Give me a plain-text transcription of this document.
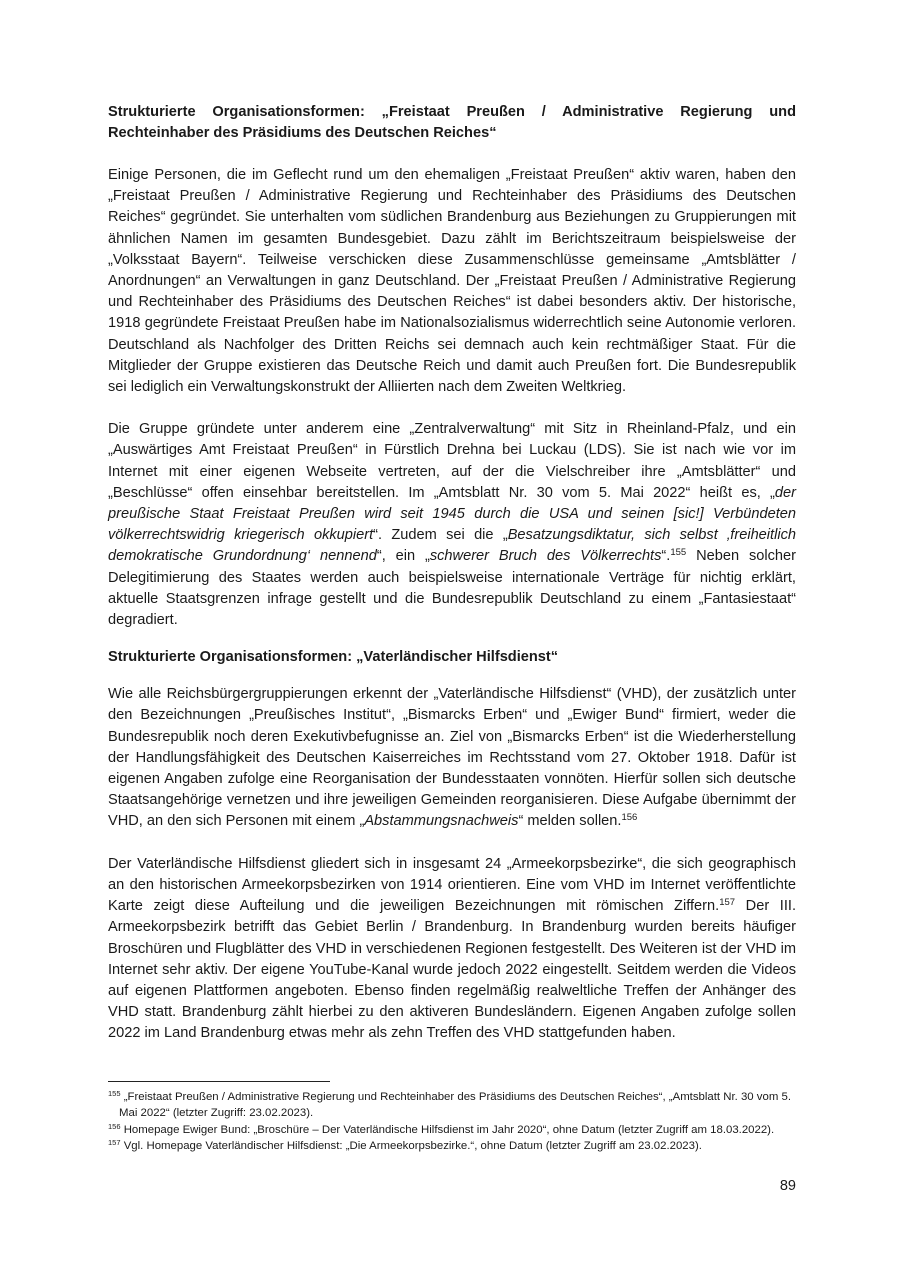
Strukturierte Organisationsformen: „Freistaat Preußen / Administrative Regierung und Rechteinhaber des Präsidiums des Deutschen Reiches“

Einige Personen, die im Geflecht rund um den ehemaligen „Freistaat Preußen“ aktiv waren, haben den „Freistaat Preußen / Administrative Regierung und Rechteinhaber des Präsidiums des Deutschen Reiches“ gegründet. Sie unterhalten vom südlichen Brandenburg aus Beziehungen zu Gruppierungen mit ähnlichen Namen im gesamten Bundesgebiet. Dazu zählt im Berichtszeitraum beispielsweise der „Volksstaat Bayern“. Teilweise verschicken diese Zusammenschlüsse gemeinsame „Amtsblätter / Anordnungen“ an Verwaltungen in ganz Deutschland. Der „Freistaat Preußen / Administrative Regierung und Rechteinhaber des Präsidiums des Deutschen Reiches“ ist dabei besonders aktiv. Der historische, 1918 gegründete Freistaat Preußen habe im Nationalsozialismus widerrechtlich seine Autonomie verloren. Deutschland als Nachfolger des Dritten Reichs sei demnach auch kein rechtmäßiger Staat. Für die Mitglieder der Gruppe existieren das Deutsche Reich und damit auch Preußen fort. Die Bundesrepublik sei lediglich ein Verwaltungskonstrukt der Alliierten nach dem Zweiten Weltkrieg.

Die Gruppe gründete unter anderem eine „Zentralverwaltung“ mit Sitz in Rheinland-Pfalz, und ein „Auswärtiges Amt Freistaat Preußen“ in Fürstlich Drehna bei Luckau (LDS). Sie ist nach wie vor im Internet mit einer eigenen Webseite vertreten, auf der die Vielschreiber ihre „Amtsblätter“ und „Beschlüsse“ offen einsehbar bereitstellen. Im „Amtsblatt Nr. 30 vom 5. Mai 2022“ heißt es, „der preußische Staat Freistaat Preußen wird seit 1945 durch die USA und seinen [sic!] Verbündeten völkerrechtswidrig kriegerisch okkupiert“. Zudem sei die „Besatzungsdiktatur, sich selbst ‚freiheitlich demokratische Grundordnung‘ nennend“, ein „schwerer Bruch des Völkerrechts“.$^{155}$ Neben solcher Delegitimierung des Staates werden auch beispielsweise internationale Verträge für nichtig erklärt, aktuelle Staatsgrenzen infrage gestellt und die Bundesrepublik Deutschland zu einem „Fantasiestaat“ degradiert.

Strukturierte Organisationsformen: „Vaterländischer Hilfsdienst“

Wie alle Reichsbürgergruppierungen erkennt der „Vaterländische Hilfsdienst“ (VHD), der zusätzlich unter den Bezeichnungen „Preußisches Institut“, „Bismarcks Erben“ und „Ewiger Bund“ firmiert, weder die Bundesrepublik noch deren Exekutivbefugnisse an. Ziel von „Bismarcks Erben“ ist die Wiederherstellung der Handlungsfähigkeit des Deutschen Kaiserreiches im Rechtsstand vom 27. Oktober 1918. Dafür ist eigenen Angaben zufolge eine Reorganisation der Bundesstaaten vonnöten. Hierfür sollen sich deutsche Staatsangehörige vernetzen und ihre jeweiligen Gemeinden reorganisieren. Diese Aufgabe übernimmt der VHD, an den sich Personen mit einem „Abstammungsnachweis“ melden sollen.$^{156}$

Der Vaterländische Hilfsdienst gliedert sich in insgesamt 24 „Armeekorpsbezirke“, die sich geographisch an den historischen Armeekorpsbezirken von 1914 orientieren. Eine vom VHD im Internet veröffentlichte Karte zeigt diese Aufteilung und die jeweiligen Bezeichnungen mit römischen Ziffern.$^{157}$ Der III. Armeekorpsbezirk betrifft das Gebiet Berlin / Brandenburg. In Brandenburg wurden bereits häufiger Broschüren und Flugblätter des VHD in verschiedenen Regionen festgestellt. Des Weiteren ist der VHD im Internet sehr aktiv. Der eigene YouTube-Kanal wurde jedoch 2022 eingestellt. Seitdem werden die Videos auf eigenen Plattformen angeboten. Ebenso finden regelmäßig realweltliche Treffen der Anhänger des VHD statt. Brandenburg zählt hierbei zu den aktiveren Bundesländern. Eigenen Angaben zufolge sollen 2022 im Land Brandenburg etwas mehr als zehn Treffen des VHD stattgefunden haben.

$^{155}$ „Freistaat Preußen / Administrative Regierung und Rechteinhaber des Präsidiums des Deutschen Reiches“, „Amtsblatt Nr. 30 vom 5. Mai 2022“ (letzter Zugriff: 23.02.2023).

$^{156}$ Homepage Ewiger Bund: „Broschüre – Der Vaterländische Hilfsdienst im Jahr 2020“, ohne Datum (letzter Zugriff am 18.03.2022).

$^{157}$ Vgl. Homepage Vaterländischer Hilfsdienst: „Die Armeekorpsbezirke.“, ohne Datum (letzter Zugriff am 23.02.2023).

89
